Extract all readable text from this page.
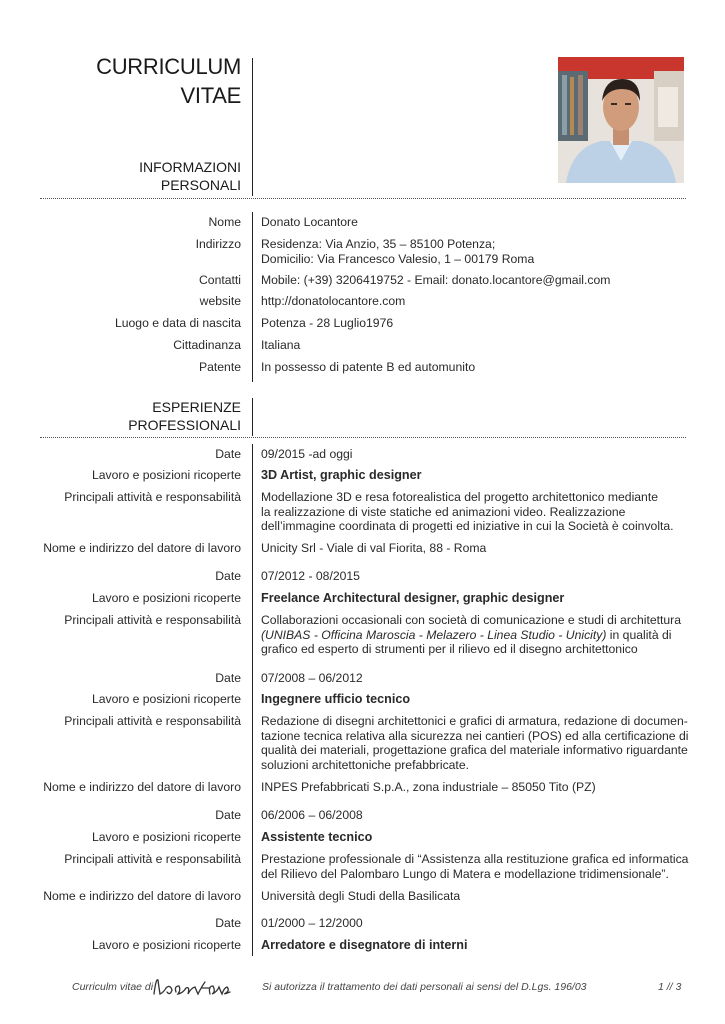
CURRICULUM
VITAE
INFORMAZIONI
PERSONALI
Nome Donato Locantore
Indirizzo Residenza: Via Anzio, 35 – 85100 Potenza;
Domicilio: Via Francesco Valesio, 1 – 00179 Roma
Contatti Mobile: (+39) 3206419752 - Email: donato.locantore@gmail.com
website http://donatolocantore.com
Luogo e data di nascita Potenza - 28 Luglio1976
Cittadinanza Italiana
Patente In possesso di patente B ed automunito
ESPERIENZE
PROFESSIONALI
Date 09/2015 -ad oggi
Lavoro e posizioni ricoperte 3D Artist, graphic designer
Principali attività e responsabilità Modellazione 3D e resa fotorealistica del progetto architettonico mediante
la realizzazione di viste statiche ed animazioni video. Realizzazione
dell’immagine coordinata di progetti ed iniziative in cui la Società è coinvolta.
Nome e indirizzo del datore di lavoro Unicity Srl - Viale di val Fiorita, 88 - Roma
Date 07/2012 - 08/2015
Lavoro e posizioni ricoperte Freelance Architectural designer, graphic designer
Principali attività e responsabilità Collaborazioni occasionali con società di comunicazione e studi di architettura
(UNIBAS - Officina Maroscia - Melazero - Linea Studio - Unicity) in qualità di
grafico ed esperto di strumenti per il rilievo ed il disegno architettonico
Date 07/2008 – 06/2012
Lavoro e posizioni ricoperte Ingegnere ufficio tecnico
Principali attività e responsabilità Redazione di disegni architettonici e grafici di armatura, redazione di documen-
tazione tecnica relativa alla sicurezza nei cantieri (POS) ed alla certificazione di
qualità dei materiali, progettazione grafica del materiale informativo riguardante
soluzioni architettoniche prefabbricate.
Nome e indirizzo del datore di lavoro INPES Prefabbricati S.p.A., zona industriale – 85050 Tito (PZ)
Date 06/2006 – 06/2008
Lavoro e posizioni ricoperte Assistente tecnico
Principali attività e responsabilità Prestazione professionale di “Assistenza alla restituzione grafica ed informatica
del Rilievo del Palombaro Lungo di Matera e modellazione tridimensionale”.
Nome e indirizzo del datore di lavoro Università degli Studi della Basilicata
Date 01/2000 – 12/2000
Lavoro e posizioni ricoperte Arredatore e disegnatore di interni
Curriculm vitae di	Si autorizza il trattamento dei dati personali ai sensi del D.Lgs. 196/03	1 // 3
